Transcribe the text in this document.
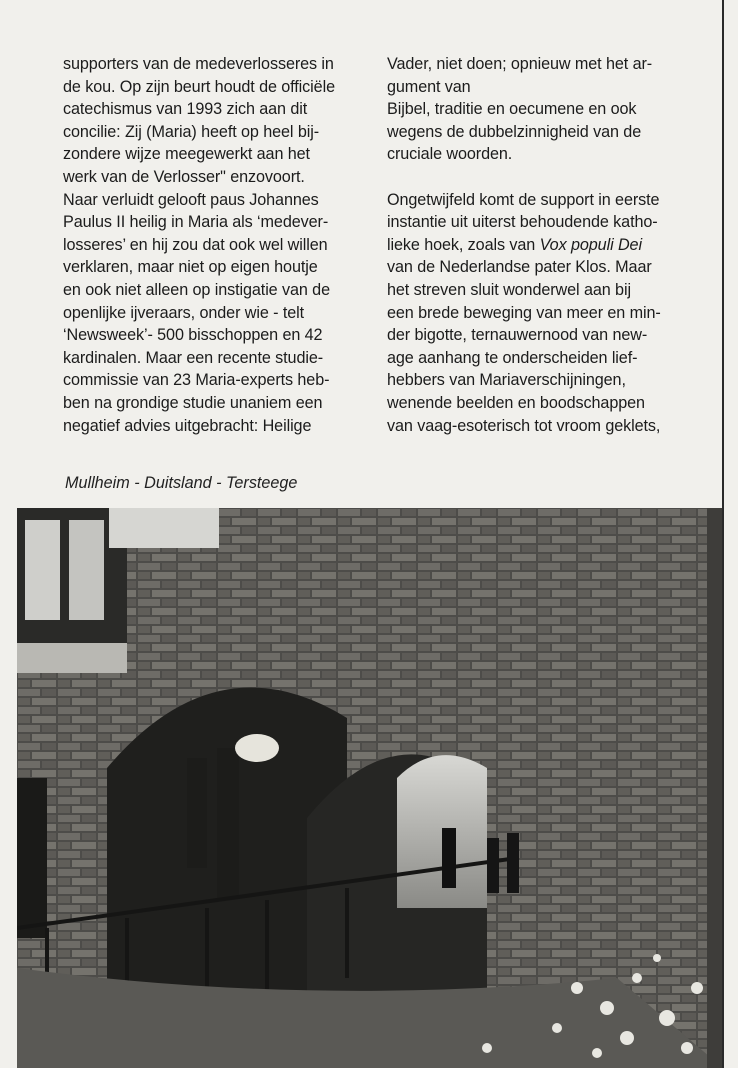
supporters van de medeverlosseres in
de kou. Op zijn beurt houdt de officiële
catechismus van 1993 zich aan dit
concilie: Zij (Maria) heeft op heel bij-
zondere wijze meegewerkt aan het
werk van de Verlosser" enzovoort.
Naar verluidt gelooft paus Johannes
Paulus II heilig in Maria als ‘medever-
losseres’ en hij zou dat ook wel willen
verklaren, maar niet op eigen houtje
en ook niet alleen op instigatie van de
openlijke ijveraars, onder wie - telt
‘Newsweek’- 500 bisschoppen en 42
kardinalen. Maar een recente studie-
commissie van 23 Maria-experts heb-
ben na grondige studie unaniem een
negatief advies uitgebracht: Heilige
Vader, niet doen; opnieuw met het ar-
gument van
Bijbel, traditie en oecumene en ook
wegens de dubbelzinnigheid van de
cruciale woorden.
Ongetwijfeld komt de support in eerste
instantie uit uiterst behoudende katho-
lieke hoek, zoals van Vox populi Dei
van de Nederlandse pater Klos. Maar
het streven sluit wonderwel aan bij
een brede beweging van meer en min-
der bigotte, ternauwernood van new-
age aanhang te onderscheiden lief-
hebbers van Mariaverschijningen,
wenende beelden en boodschappen
van vaag-esoterisch tot vroom geklets,
Mullheim - Duitsland - Tersteege
